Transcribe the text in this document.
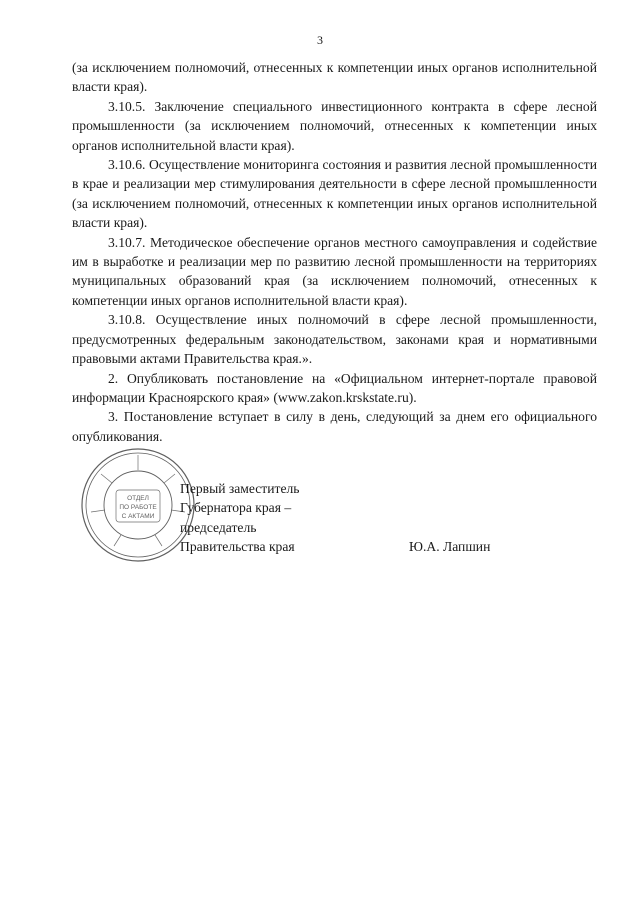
3

(за исключением полномочий, отнесенных к компетенции иных органов исполнительной власти края).

3.10.5. Заключение специального инвестиционного контракта в сфере лесной промышленности (за исключением полномочий, отнесенных к компетенции иных органов исполнительной власти края).

3.10.6. Осуществление мониторинга состояния и развития лесной промышленности в крае и реализации мер стимулирования деятельности в сфере лесной промышленности (за исключением полномочий, отнесенных к компетенции иных органов исполнительной власти края).

3.10.7. Методическое обеспечение органов местного самоуправления и содействие им в выработке и реализации мер по развитию лесной промышленности на территориях муниципальных образований края (за исключением полномочий, отнесенных к компетенции иных органов исполнительной власти края).

3.10.8. Осуществление иных полномочий в сфере лесной промышленности, предусмотренных федеральным законодательством, законами края и нормативными правовыми актами Правительства края.».

2. Опубликовать постановление на «Официальном интернет-портале правовой информации Красноярского края» (www.zakon.krskstate.ru).

3. Постановление вступает в силу в день, следующий за днем его официального опубликования.

ОТДЕЛ
ПО РАБОТЕ
С АКТАМИ
Первый заместитель
Губернатора края –
председатель
Правительства края	Ю.А. Лапшин
